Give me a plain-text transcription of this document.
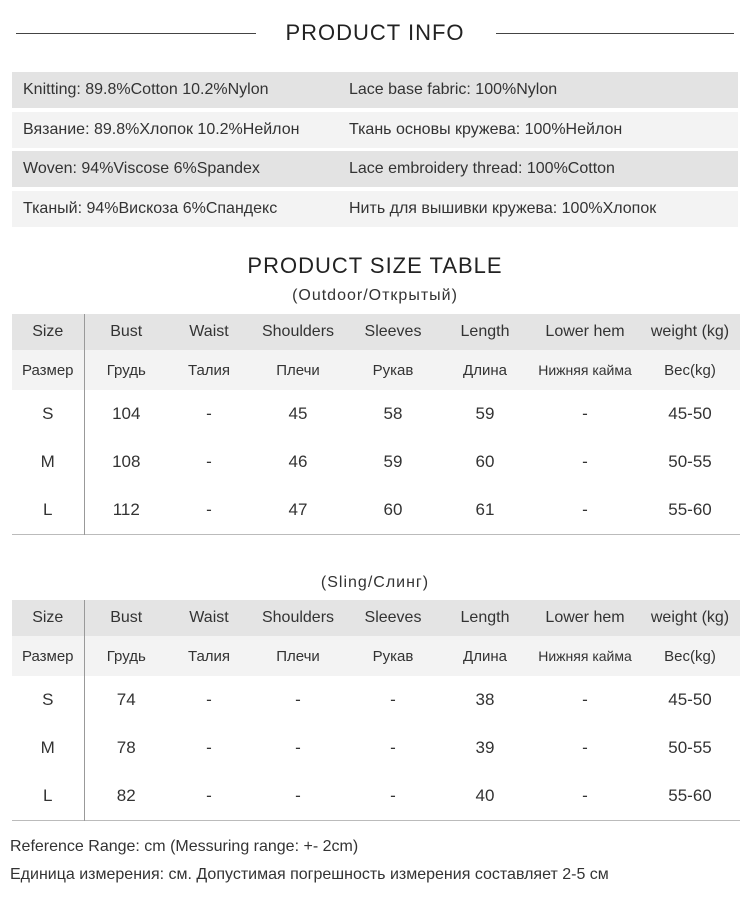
PRODUCT INFO
Knitting: 89.8%Cotton 10.2%Nylon	Lace base fabric: 100%Nylon
Вязание: 89.8%Хлопок 10.2%Нейлон	Ткань основы кружева: 100%Нейлон
Woven: 94%Viscose 6%Spandex	Lace embroidery thread: 100%Cotton
Тканый: 94%Вискоза 6%Спандекс	Нить для вышивки кружева: 100%Хлопок
PRODUCT SIZE TABLE
(Outdoor/Открытый)
Size	Bust	Waist	Shoulders	Sleeves	Length	Lower hem	weight (kg)
Размер	Грудь	Талия	Плечи	Рукав	Длина	Нижняя кайма	Вес(kg)
S	104	-	45	58	59	-	45-50
M	108	-	46	59	60	-	50-55
L	112	-	47	60	61	-	55-60
(Sling/Слинг)
Size	Bust	Waist	Shoulders	Sleeves	Length	Lower hem	weight (kg)
Размер	Грудь	Талия	Плечи	Рукав	Длина	Нижняя кайма	Вес(kg)
S	74	-	-	-	38	-	45-50
M	78	-	-	-	39	-	50-55
L	82	-	-	-	40	-	55-60
Reference Range: cm (Messuring range: +- 2cm)
Единица измерения: см. Допустимая погрешность измерения составляет 2-5 см
